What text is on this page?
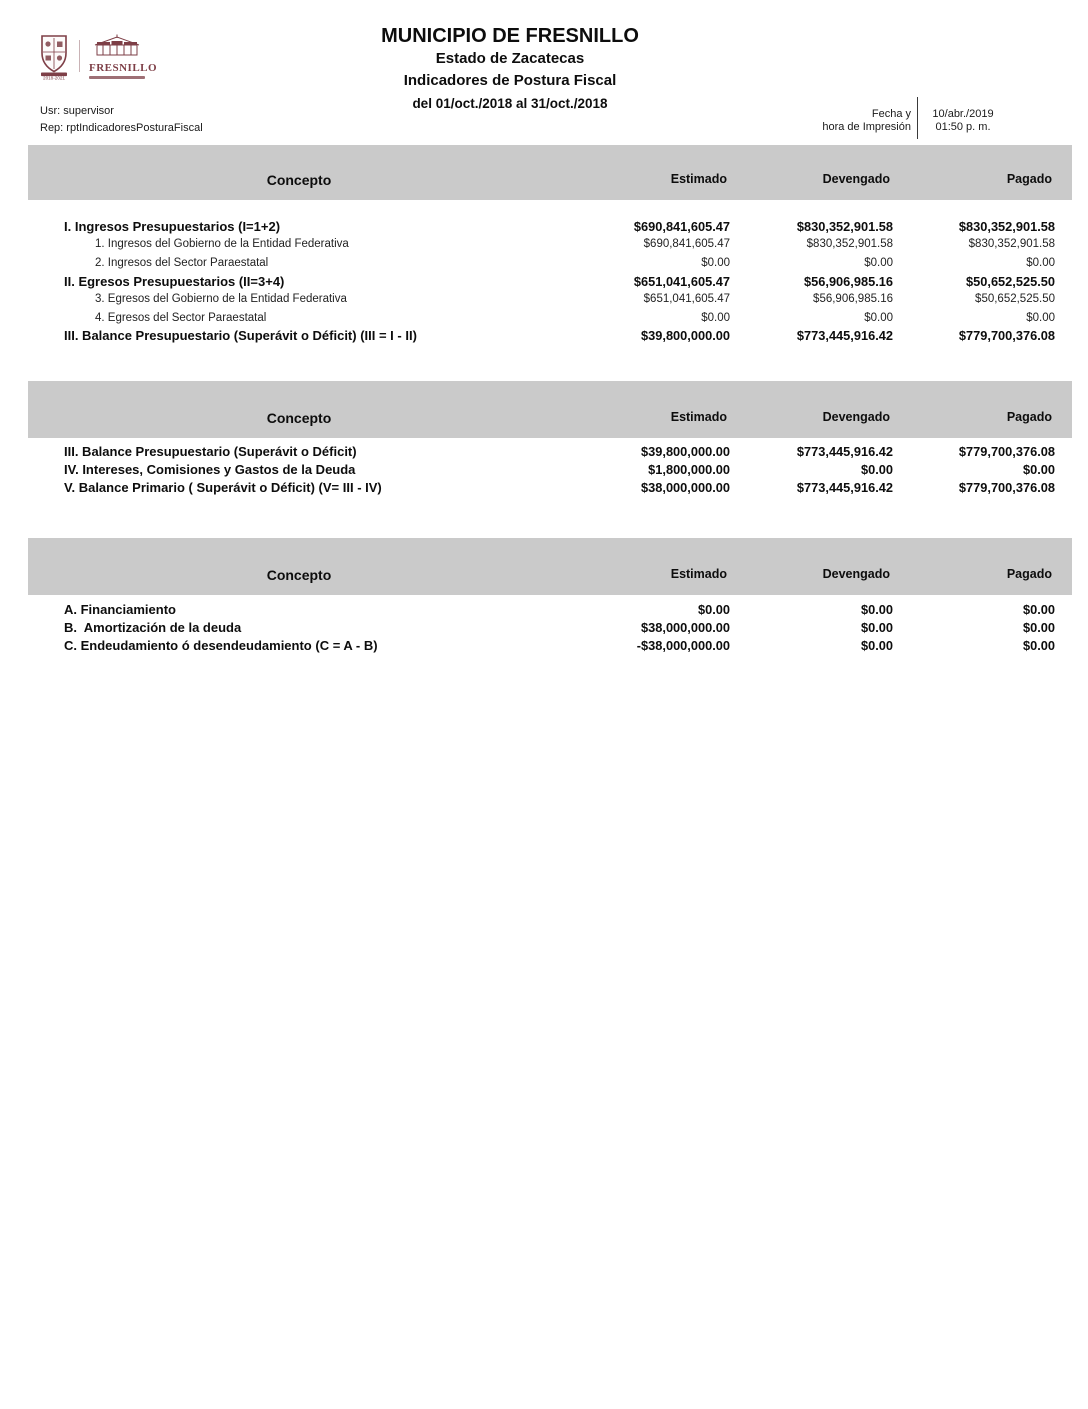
2018-2021
FRESNILLO
MUNICIPIO DE FRESNILLO
Estado de Zacatecas
Indicadores de Postura Fiscal
del 01/oct./2018 al 31/oct./2018
Usr: supervisor
Rep: rptIndicadoresPosturaFiscal
Fecha y
hora de Impresión
10/abr./2019
01:50 p. m.
Concepto	Estimado	Devengado	Pagado
I. Ingresos Presupuestarios (I=1+2)	$690,841,605.47	$830,352,901.58	$830,352,901.58
1. Ingresos del Gobierno de la Entidad Federativa	$690,841,605.47	$830,352,901.58	$830,352,901.58
2. Ingresos del Sector Paraestatal	$0.00	$0.00	$0.00
II. Egresos Presupuestarios (II=3+4)	$651,041,605.47	$56,906,985.16	$50,652,525.50
3. Egresos del Gobierno de la Entidad Federativa	$651,041,605.47	$56,906,985.16	$50,652,525.50
4. Egresos del Sector Paraestatal	$0.00	$0.00	$0.00
III. Balance Presupuestario (Superávit o Déficit) (III = I - II)	$39,800,000.00	$773,445,916.42	$779,700,376.08
Concepto	Estimado	Devengado	Pagado
III. Balance Presupuestario (Superávit o Déficit)	$39,800,000.00	$773,445,916.42	$779,700,376.08
IV. Intereses, Comisiones y Gastos de la Deuda	$1,800,000.00	$0.00	$0.00
V. Balance Primario ( Superávit o Déficit) (V= III - IV)	$38,000,000.00	$773,445,916.42	$779,700,376.08
Concepto	Estimado	Devengado	Pagado
A. Financiamiento	$0.00	$0.00	$0.00
B.  Amortización de la deuda	$38,000,000.00	$0.00	$0.00
C. Endeudamiento ó desendeudamiento (C = A - B)	-$38,000,000.00	$0.00	$0.00
